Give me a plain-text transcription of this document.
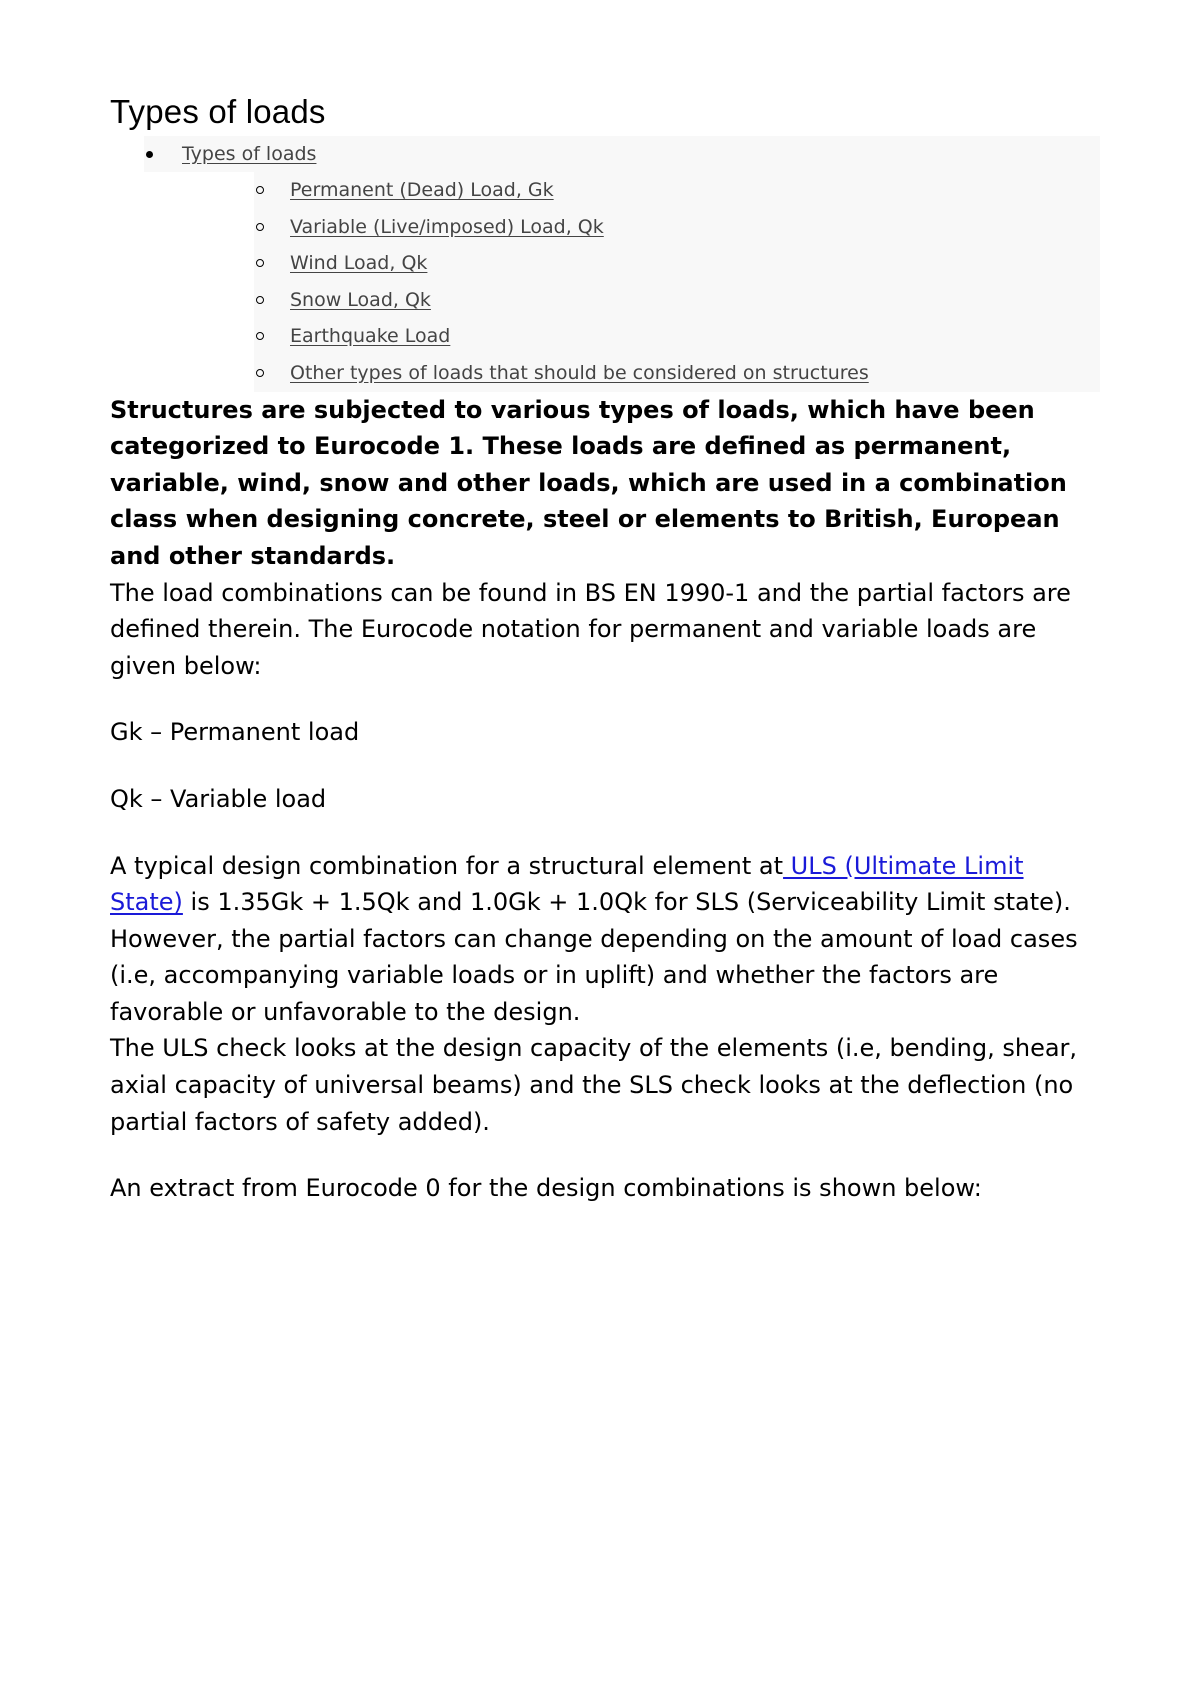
Types of loads
Types of loads
Permanent (Dead) Load, Gk
Variable (Live/imposed) Load, Qk
Wind Load, Qk
Snow Load, Qk
Earthquake Load
Other types of loads that should be considered on structures

Structures are subjected to various types of loads, which have been categorized to Eurocode 1. These loads are defined as permanent, variable, wind, snow and other loads, which are used in a combination class when designing concrete, steel or elements to British, European and other standards.

The load combinations can be found in BS EN 1990-1 and the partial factors are defined therein. The Eurocode notation for permanent and variable loads are given below:

Gk – Permanent load

Qk – Variable load

A typical design combination for a structural element at ULS (Ultimate Limit State) is 1.35Gk + 1.5Qk and 1.0Gk + 1.0Qk for SLS (Serviceability Limit state). However, the partial factors can change depending on the amount of load cases (i.e, accompanying variable loads or in uplift) and whether the factors are favorable or unfavorable to the design.

The ULS check looks at the design capacity of the elements (i.e, bending, shear, axial capacity of universal beams) and the SLS check looks at the deflection (no partial factors of safety added).

An extract from Eurocode 0 for the design combinations is shown below:
